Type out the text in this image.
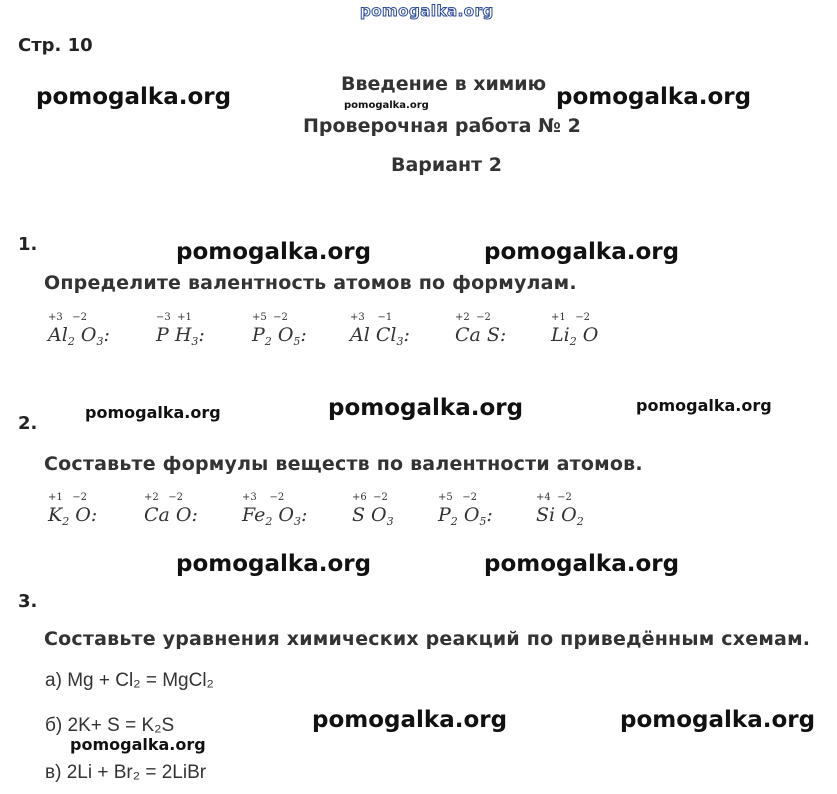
pomogalka.org
pomogalka.org	pomogalka.org
pomogalka.org
pomogalka.org	pomogalka.org
pomogalka.org	pomogalka.org	pomogalka.org
pomogalka.org	pomogalka.org
pomogalka.org	pomogalka.org
pomogalka.org
Стр. 10
Введение в химию
Проверочная работа № 2
Вариант 2
1.
Определите валентность атомов по формулам.
+3   −2
$Al_2$ $O_3$:
−3  +1
P $H_3$:
+5  −2
$P_2$ $O_5$:
+3    −1
Al $Cl_3$:
+2  −2
Ca S:
+1   −2
$Li_2$ O
2.
Составьте формулы веществ по валентности атомов.
+1   −2
$K_2$ O:
+2   −2
Ca O:
+3    −2
$Fe_2$ $O_3$:
+6  −2
S $O_3$
+5   −2
$P_2$ $O_5$:
+4  −2
Si $O_2$
3.
Составьте уравнения химических реакций по приведённым схемам.
а) Mg + Cl₂ = MgCl₂
б) 2K+ S = K₂S
в) 2Li + Br₂ = 2LiBr
